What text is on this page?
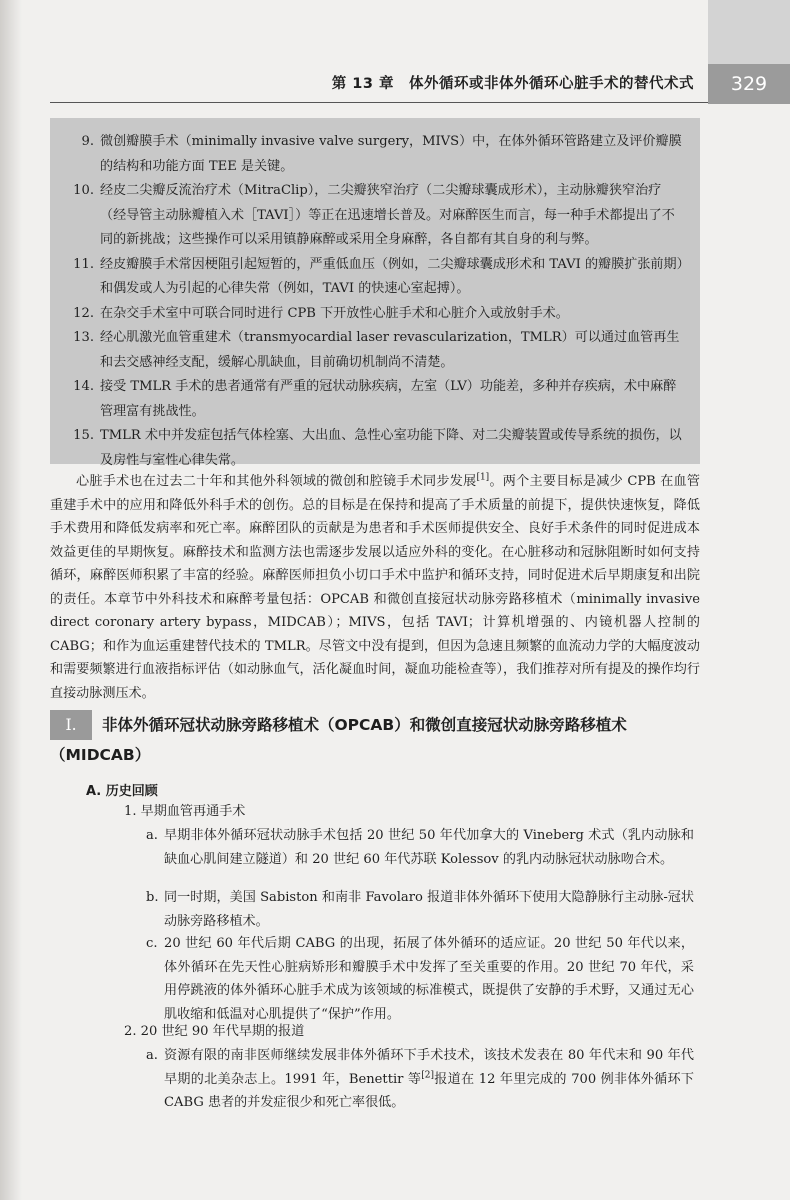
329
第 13 章　体外循环或非体外循环心脏手术的替代术式
9. 微创瓣膜手术（minimally invasive valve surgery，MIVS）中，在体外循环管路建立及评价瓣膜的结构和功能方面 TEE 是关键。
10. 经皮二尖瓣反流治疗术（MitraClip），二尖瓣狭窄治疗（二尖瓣球囊成形术），主动脉瓣狭窄治疗（经导管主动脉瓣植入术［TAVI］）等正在迅速增长普及。对麻醉医生而言，每一种手术都提出了不同的新挑战；这些操作可以采用镇静麻醉或采用全身麻醉，各自都有其自身的利与弊。
11. 经皮瓣膜手术常因梗阻引起短暂的，严重低血压（例如，二尖瓣球囊成形术和 TAVI 的瓣膜扩张前期）和偶发或人为引起的心律失常（例如，TAVI 的快速心室起搏）。
12. 在杂交手术室中可联合同时进行 CPB 下开放性心脏手术和心脏介入或放射手术。
13. 经心肌激光血管重建术（transmyocardial laser revascularization，TMLR）可以通过血管再生和去交感神经支配，缓解心肌缺血，目前确切机制尚不清楚。
14. 接受 TMLR 手术的患者通常有严重的冠状动脉疾病，左室（LV）功能差，多种并存疾病，术中麻醉管理富有挑战性。
15. TMLR 术中并发症包括气体栓塞、大出血、急性心室功能下降、对二尖瓣装置或传导系统的损伤，以及房性与室性心律失常。

心脏手术也在过去二十年和其他外科领域的微创和腔镜手术同步发展[1]。两个主要目标是减少 CPB 在血管重建手术中的应用和降低外科手术的创伤。总的目标是在保持和提高了手术质量的前提下，提供快速恢复，降低手术费用和降低发病率和死亡率。麻醉团队的贡献是为患者和手术医师提供安全、良好手术条件的同时促进成本效益更佳的早期恢复。麻醉技术和监测方法也需逐步发展以适应外科的变化。在心脏移动和冠脉阻断时如何支持循环，麻醉医师积累了丰富的经验。麻醉医师担负小切口手术中监护和循环支持，同时促进术后早期康复和出院的责任。本章节中外科技术和麻醉考量包括：OPCAB 和微创直接冠状动脉旁路移植术（minimally invasive direct coronary artery bypass，MIDCAB）；MIVS，包括 TAVI；计算机增强的、内镜机器人控制的 CABG；和作为血运重建替代技术的 TMLR。尽管文中没有提到，但因为急速且频繁的血流动力学的大幅度波动和需要频繁进行血液指标评估（如动脉血气，活化凝血时间，凝血功能检查等），我们推荐对所有提及的操作均行直接动脉测压术。

Ⅰ. 非体外循环冠状动脉旁路移植术（OPCAB）和微创直接冠状动脉旁路移植术（MIDCAB）
A. 历史回顾
1. 早期血管再通手术
a. 早期非体外循环冠状动脉手术包括 20 世纪 50 年代加拿大的 Vineberg 术式（乳内动脉和缺血心肌间建立隧道）和 20 世纪 60 年代苏联 Kolessov 的乳内动脉冠状动脉吻合术。
b. 同一时期，美国 Sabiston 和南非 Favolaro 报道非体外循环下使用大隐静脉行主动脉-冠状动脉旁路移植术。
c. 20 世纪 60 年代后期 CABG 的出现，拓展了体外循环的适应证。20 世纪 50 年代以来，体外循环在先天性心脏病矫形和瓣膜手术中发挥了至关重要的作用。20 世纪 70 年代，采用停跳液的体外循环心脏手术成为该领域的标准模式，既提供了安静的手术野，又通过无心肌收缩和低温对心肌提供了“保护”作用。
2. 20 世纪 90 年代早期的报道
a. 资源有限的南非医师继续发展非体外循环下手术技术，该技术发表在 80 年代末和 90 年代早期的北美杂志上。1991 年，Benettir 等[2]报道在 12 年里完成的 700 例非体外循环下 CABG 患者的并发症很少和死亡率很低。
